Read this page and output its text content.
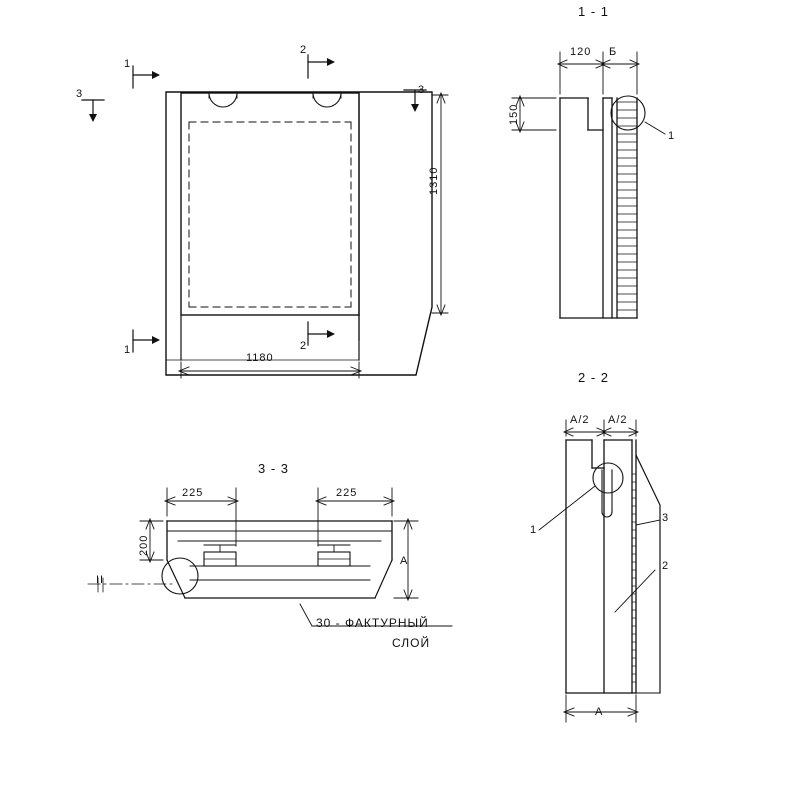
1
1
2
2
3	3
1310
1180
1 - 1
120 Б
150
1
2 - 2
А/2 А/2
А
1
2
3
3 - 3
225	225
200
А
II
30 - ФАКТУРНЫЙ
СЛОЙ
